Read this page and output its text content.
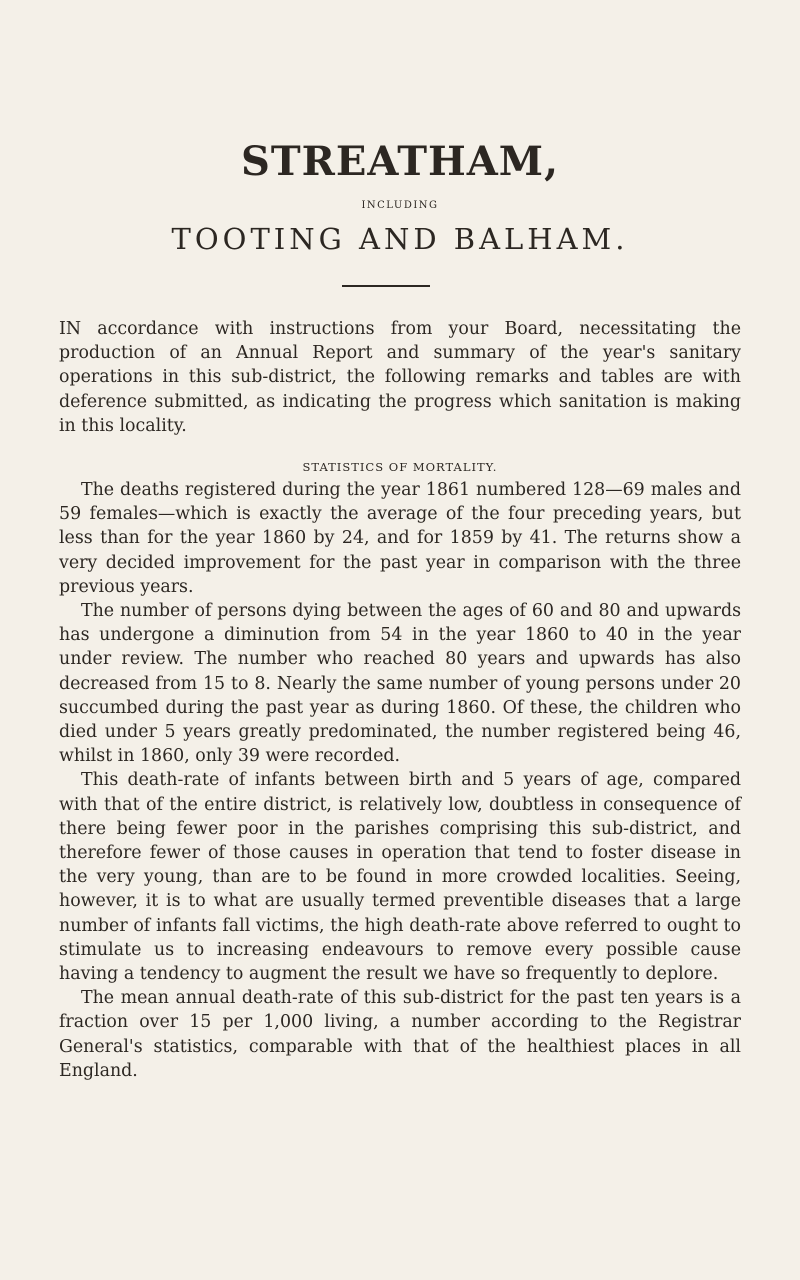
STREATHAM,
INCLUDING
TOOTING AND BALHAM.

IN accordance with instructions from your Board, necessitating the production of an Annual Report and summary of the year's sanitary operations in this sub-district, the following remarks and tables are with deference submitted, as indicating the progress which sanitation is making in this locality.

STATISTICS OF MORTALITY.

The deaths registered during the year 1861 numbered 128—69 males and 59 females—which is exactly the average of the four preceding years, but less than for the year 1860 by 24, and for 1859 by 41. The returns show a very decided improvement for the past year in comparison with the three previous years.

The number of persons dying between the ages of 60 and 80 and upwards has undergone a diminution from 54 in the year 1860 to 40 in the year under review. The number who reached 80 years and upwards has also decreased from 15 to 8. Nearly the same number of young persons under 20 succumbed during the past year as during 1860. Of these, the children who died under 5 years greatly predominated, the number registered being 46, whilst in 1860, only 39 were recorded.

This death-rate of infants between birth and 5 years of age, compared with that of the entire district, is relatively low, doubtless in consequence of there being fewer poor in the parishes comprising this sub-district, and therefore fewer of those causes in operation that tend to foster disease in the very young, than are to be found in more crowded localities. Seeing, however, it is to what are usually termed preventible diseases that a large number of infants fall victims, the high death-rate above referred to ought to stimulate us to increasing endeavours to remove every possible cause having a tendency to augment the result we have so frequently to deplore.

The mean annual death-rate of this sub-district for the past ten years is a fraction over 15 per 1,000 living, a number according to the Registrar General's statistics, comparable with that of the healthiest places in all England.
